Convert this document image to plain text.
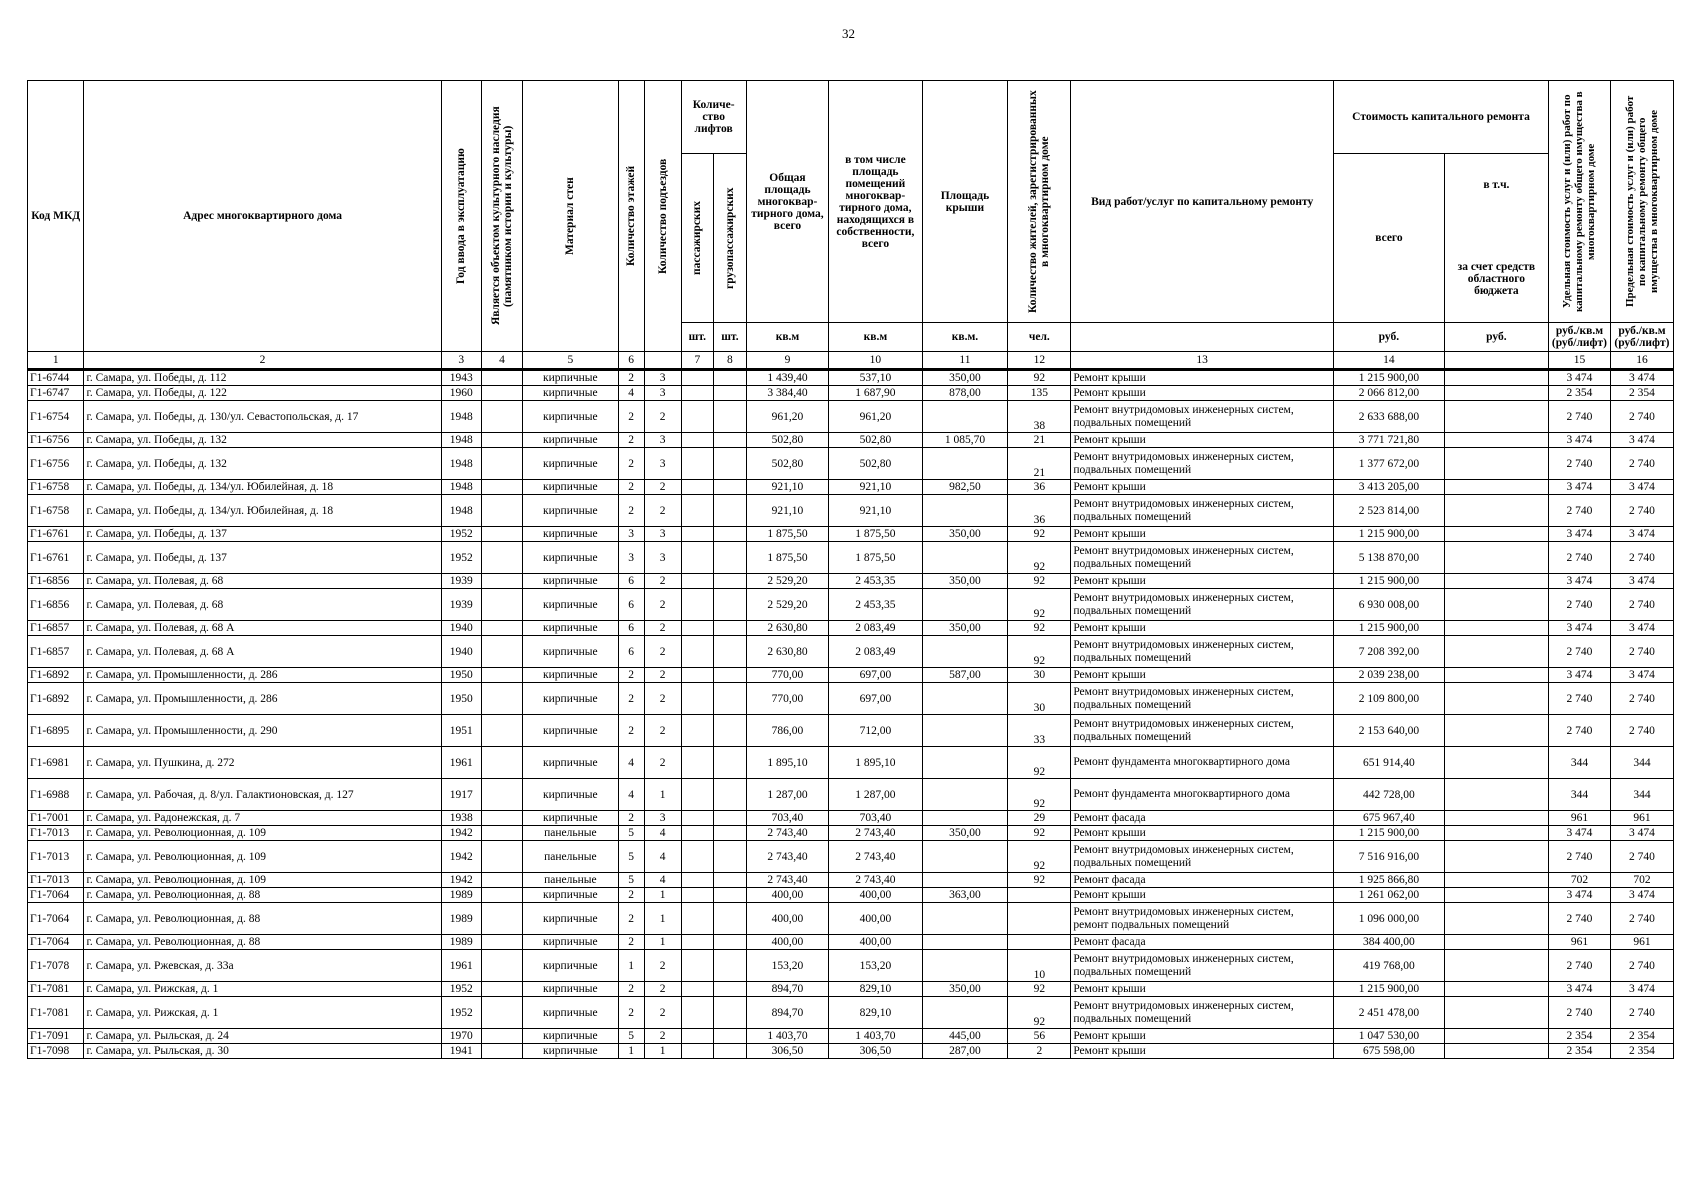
32
Код МКД	Адрес многоквартирного дома	Год ввода в эксплуатацию	Является объектом культурного наследия (памятником истории и культуры)	Материал стен	Количество этажей	Количество подъездов	Количе-ство лифтов		Общая площадь многоквар-тирного дома, всего	в том числе площадь помещений многоквар-тирного дома, находящихся в собственности, всего	Площадь крыши	Количество жителей, зарегистрированных в многоквартирном доме	Вид работ/услуг по капитальному ремонту	Стоимость капитального ремонта		Удельная стоимость услуг и (или) работ по капитальному ремонту общего имущества в многоквартирном доме	Предельная стоимость услуг и (или) работ по капитальному ремонту общего имущества в многоквартирном доме

							пассажирских	грузопассажирских						всего	в т.ч.
за счет средств областного бюджета		

							шт.	шт.	кв.м	кв.м	кв.м.	чел.		руб.	руб.	руб./кв.м (руб/лифт)	руб./кв.м (руб/лифт)
1	2	3	4	5	6		7	8	9	10	11	12	13	14		15	16
Г1-6744	г. Самара, ул. Победы, д. 112	1943		кирпичные	2	3			1 439,40	537,10	350,00	92	Ремонт крыши	1 215 900,00		3 474	3 474
Г1-6747	г. Самара, ул. Победы, д. 122	1960		кирпичные	4	3			3 384,40	1 687,90	878,00	135	Ремонт крыши	2 066 812,00		2 354	2 354
Г1-6754	г. Самара, ул. Победы, д. 130/ул. Севастопольская, д. 17	1948		кирпичные	2	2			961,20	961,20		38	Ремонт внутридомовых инженерных систем, подвальных помещений	2 633 688,00		2 740	2 740
Г1-6756	г. Самара, ул. Победы, д. 132	1948		кирпичные	2	3			502,80	502,80	1 085,70	21	Ремонт крыши	3 771 721,80		3 474	3 474
Г1-6756	г. Самара, ул. Победы, д. 132	1948		кирпичные	2	3			502,80	502,80		21	Ремонт внутридомовых инженерных систем, подвальных помещений	1 377 672,00		2 740	2 740
Г1-6758	г. Самара, ул. Победы, д. 134/ул. Юбилейная, д. 18	1948		кирпичные	2	2			921,10	921,10	982,50	36	Ремонт крыши	3 413 205,00		3 474	3 474
Г1-6758	г. Самара, ул. Победы, д. 134/ул. Юбилейная, д. 18	1948		кирпичные	2	2			921,10	921,10		36	Ремонт внутридомовых инженерных систем, подвальных помещений	2 523 814,00		2 740	2 740
Г1-6761	г. Самара, ул. Победы, д. 137	1952		кирпичные	3	3			1 875,50	1 875,50	350,00	92	Ремонт крыши	1 215 900,00		3 474	3 474
Г1-6761	г. Самара, ул. Победы, д. 137	1952		кирпичные	3	3			1 875,50	1 875,50		92	Ремонт внутридомовых инженерных систем, подвальных помещений	5 138 870,00		2 740	2 740
Г1-6856	г. Самара, ул. Полевая, д. 68	1939		кирпичные	6	2			2 529,20	2 453,35	350,00	92	Ремонт крыши	1 215 900,00		3 474	3 474
Г1-6856	г. Самара, ул. Полевая, д. 68	1939		кирпичные	6	2			2 529,20	2 453,35		92	Ремонт внутридомовых инженерных систем, подвальных помещений	6 930 008,00		2 740	2 740
Г1-6857	г. Самара, ул. Полевая, д. 68 А	1940		кирпичные	6	2			2 630,80	2 083,49	350,00	92	Ремонт крыши	1 215 900,00		3 474	3 474
Г1-6857	г. Самара, ул. Полевая, д. 68 А	1940		кирпичные	6	2			2 630,80	2 083,49		92	Ремонт внутридомовых инженерных систем, подвальных помещений	7 208 392,00		2 740	2 740
Г1-6892	г. Самара, ул. Промышленности, д. 286	1950		кирпичные	2	2			770,00	697,00	587,00	30	Ремонт крыши	2 039 238,00		3 474	3 474
Г1-6892	г. Самара, ул. Промышленности, д. 286	1950		кирпичные	2	2			770,00	697,00		30	Ремонт внутридомовых инженерных систем, подвальных помещений	2 109 800,00		2 740	2 740
Г1-6895	г. Самара, ул. Промышленности, д. 290	1951		кирпичные	2	2			786,00	712,00		33	Ремонт внутридомовых инженерных систем, подвальных помещений	2 153 640,00		2 740	2 740
Г1-6981	г. Самара, ул. Пушкина, д. 272	1961		кирпичные	4	2			1 895,10	1 895,10		92	Ремонт фундамента многоквартирного дома	651 914,40		344	344
Г1-6988	г. Самара, ул. Рабочая, д. 8/ул. Галактионовская, д. 127	1917		кирпичные	4	1			1 287,00	1 287,00		92	Ремонт фундамента многоквартирного дома	442 728,00		344	344
Г1-7001	г. Самара, ул. Радонежская, д. 7	1938		кирпичные	2	3			703,40	703,40		29	Ремонт фасада	675 967,40		961	961
Г1-7013	г. Самара, ул. Революционная, д. 109	1942		панельные	5	4			2 743,40	2 743,40	350,00	92	Ремонт крыши	1 215 900,00		3 474	3 474
Г1-7013	г. Самара, ул. Революционная, д. 109	1942		панельные	5	4			2 743,40	2 743,40		92	Ремонт внутридомовых инженерных систем, подвальных помещений	7 516 916,00		2 740	2 740
Г1-7013	г. Самара, ул. Революционная, д. 109	1942		панельные	5	4			2 743,40	2 743,40		92	Ремонт фасада	1 925 866,80		702	702
Г1-7064	г. Самара, ул. Революционная, д. 88	1989		кирпичные	2	1			400,00	400,00	363,00		Ремонт крыши	1 261 062,00		3 474	3 474
Г1-7064	г. Самара, ул. Революционная, д. 88	1989		кирпичные	2	1			400,00	400,00			Ремонт внутридомовых инженерных систем, ремонт подвальных помещений	1 096 000,00		2 740	2 740
Г1-7064	г. Самара, ул. Революционная, д. 88	1989		кирпичные	2	1			400,00	400,00			Ремонт фасада	384 400,00		961	961
Г1-7078	г. Самара, ул. Ржевская, д. 33а	1961		кирпичные	1	2			153,20	153,20		10	Ремонт внутридомовых инженерных систем, подвальных помещений	419 768,00		2 740	2 740
Г1-7081	г. Самара, ул. Рижская, д. 1	1952		кирпичные	2	2			894,70	829,10	350,00	92	Ремонт крыши	1 215 900,00		3 474	3 474
Г1-7081	г. Самара, ул. Рижская, д. 1	1952		кирпичные	2	2			894,70	829,10		92	Ремонт внутридомовых инженерных систем, подвальных помещений	2 451 478,00		2 740	2 740
Г1-7091	г. Самара, ул. Рыльская, д. 24	1970		кирпичные	5	2			1 403,70	1 403,70	445,00	56	Ремонт крыши	1 047 530,00		2 354	2 354
Г1-7098	г. Самара, ул. Рыльская, д. 30	1941		кирпичные	1	1			306,50	306,50	287,00	2	Ремонт крыши	675 598,00		2 354	2 354
